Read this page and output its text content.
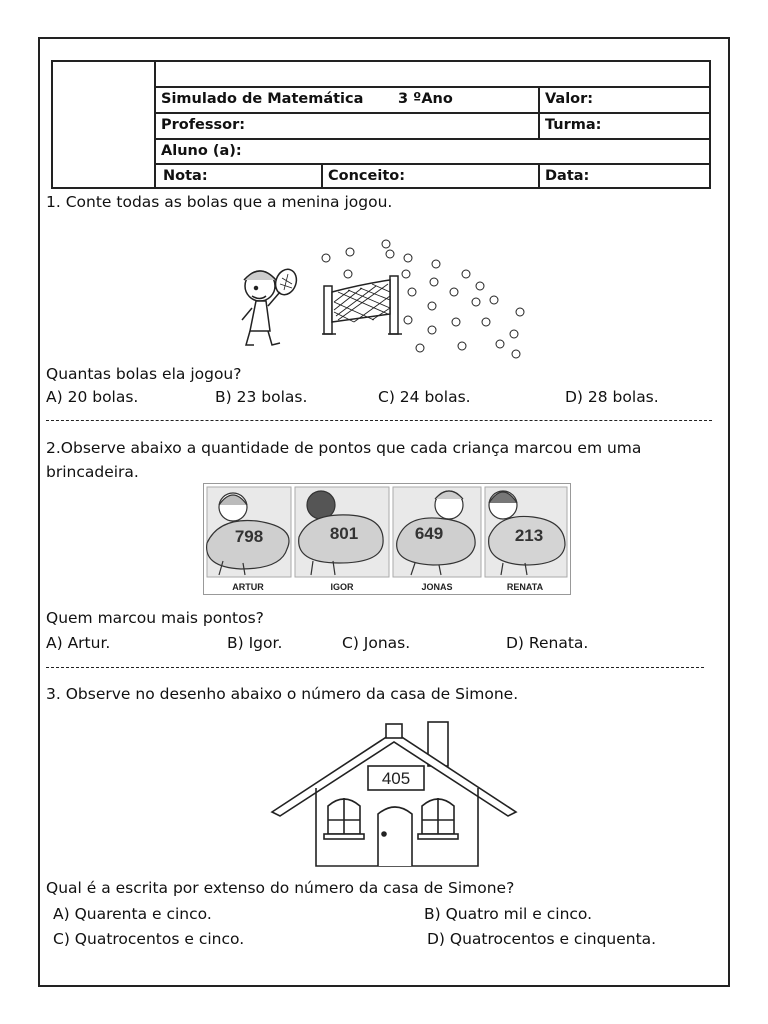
Simulado de Matemática 3 ºAno	Valor:
Professor:	Turma:
Aluno (a):
Nota:	Conceito:	Data:
1. Conte todas as bolas que a menina jogou.
Quantas bolas ela jogou?
A) 20 bolas.	B) 23 bolas.	C) 24 bolas.	D) 28 bolas.
2.Observe abaixo a quantidade de pontos que cada criança marcou em uma
brincadeira.
798	801	649	213
ARTUR	IGOR	JONAS	RENATA
Quem marcou mais pontos?
A) Artur.	B) Igor.	C) Jonas.	D) Renata.
3. Observe no desenho abaixo o número da casa de Simone.
405
Qual é a escrita por extenso do número da casa de Simone?
A) Quarenta e cinco.	B) Quatro mil e cinco.
C) Quatrocentos e cinco.	D) Quatrocentos e cinquenta.
